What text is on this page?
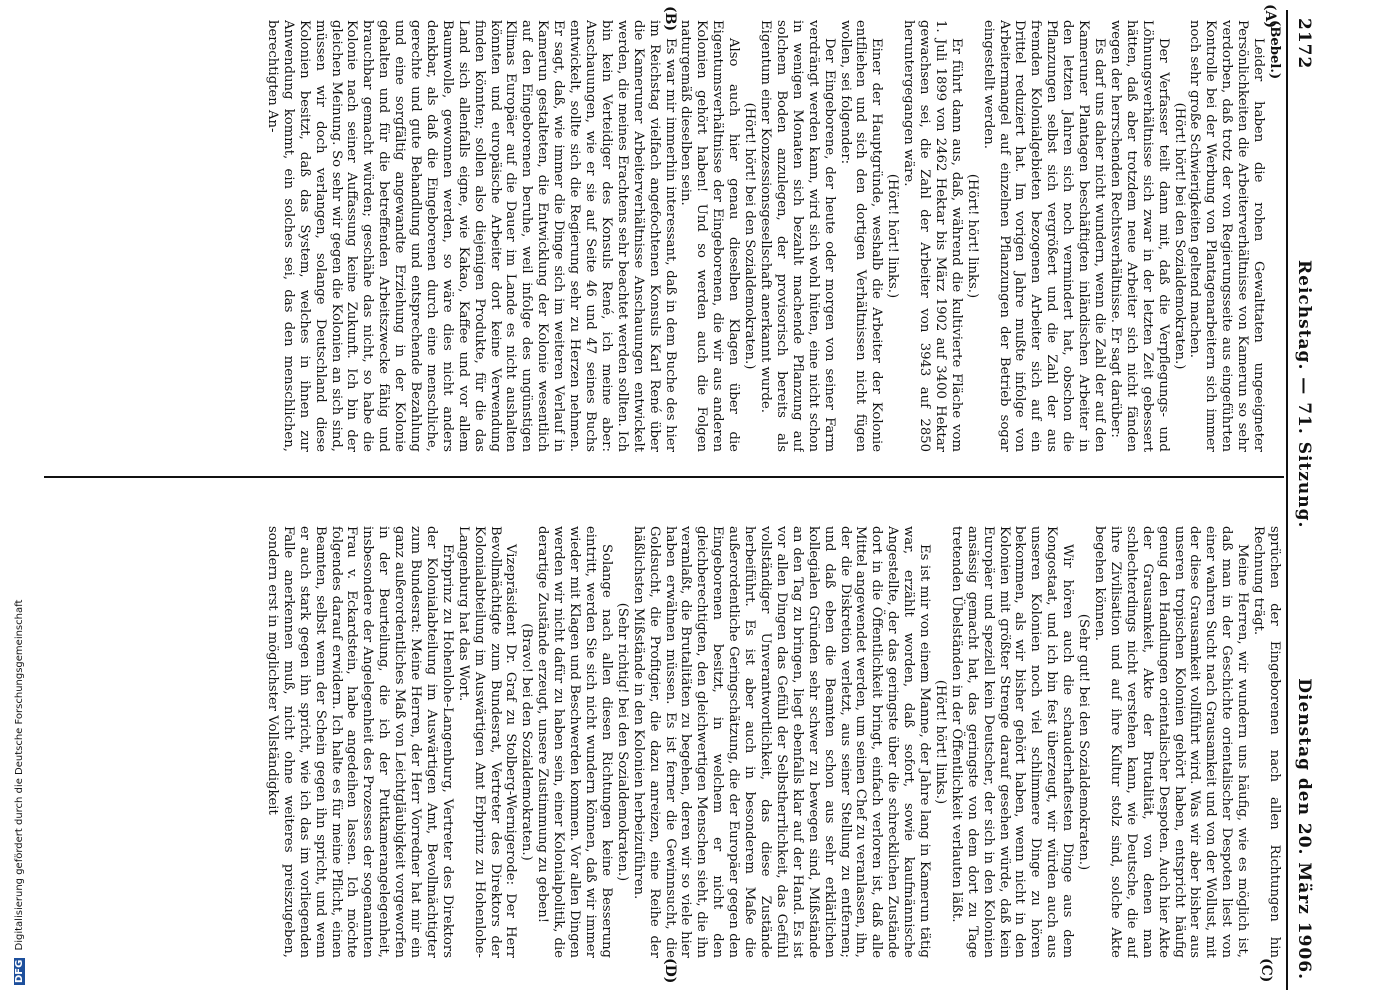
DFG Digitalisierung gefördert durch die Deutsche Forschungsgemeinschaft
2172
Reichstag. — 71. Sitzung.
Dienstag den 20. März 1906.
(A)
(B)
(C)
(D)

(Bebel.)

Leider haben die rohen Gewalttaten ungeeigneter Persönlichkeiten die Arbeiterverhältnisse von Kamerun so sehr verdorben, daß trotz der von Regierungsseite aus eingeführten Kontrolle bei der Werbung von Plantagenarbeitern sich immer noch sehr große Schwierigkeiten geltend machen.

(Hört! hört! bei den Sozialdemokraten.)

Der Verfasser teilt dann mit, daß die Verpflegungs- und Löhnungsverhältnisse sich zwar in der letzten Zeit gebessert hätten, daß aber trotzdem neue Arbeiter sich nicht fänden wegen der herrschenden Rechtsverhältnisse. Er sagt darüber:

Es darf uns daher nicht wundern, wenn die Zahl der auf den Kameruner Plantagen beschäftigten inländischen Arbeiter in den letzten Jahren sich noch vermindert hat, obschon die Pflanzungen selbst sich vergrößert und die Zahl der aus fremden Kolonialgebieten bezogenen Arbeiter sich auf ein Drittel reduziert hat. Im vorigen Jahre mußte infolge von Arbeitermangel auf einzelnen Pflanzungen der Betrieb sogar eingestellt werden.

(Hört! hört! links.)

Er führt dann aus, daß, während die kultivierte Fläche vom 1. Juli 1899 von 2462 Hektar bis März 1902 auf 3400 Hektar gewachsen sei, die Zahl der Arbeiter von 3943 auf 2850 heruntergegangen wäre.

(Hört! hört! links.)

Einer der Hauptgründe, weshalb die Arbeiter der Kolonie entfliehen und sich den dortigen Verhältnissen nicht fügen wollen, sei folgender:

Der Eingeborene, der heute oder morgen von seiner Farm verdrängt werden kann, wird sich wohl hüten, eine nicht schon in wenigen Monaten sich bezahlt machende Pflanzung auf solchem Boden anzulegen, der provisorisch bereits als Eigentum einer Konzessionsgesellschaft anerkannt wurde.

(Hört! hört! bei den Sozialdemokraten.)

Also auch hier genau dieselben Klagen über die Eigentumsverhältnisse der Eingeborenen, die wir aus anderen Kolonien gehört haben! Und so werden auch die Folgen naturgemäß dieselben sein.

Es war mir immerhin interessant, daß in dem Buche des hier im Reichstag vielfach angefochtenen Konsuls Karl René über die Kameruner Arbeiterverhältnisse Anschauungen entwickelt werden, die meines Erachtens sehr beachtet werden sollten. Ich bin kein Verteidiger des Konsuls René, ich meine aber: Anschauungen, wie er sie auf Seite 46 und 47 seines Buchs entwickelt, sollte sich die Regierung sehr zu Herzen nehmen. Er sagt, daß, wie immer die Dinge sich im weiteren Verlauf in Kamerun gestalteten, die Entwicklung der Kolonie wesentlich auf den Eingeborenen beruhe, weil infolge des ungünstigen Klimas Europäer auf die Dauer im Lande es nicht aushalten könnten und europäische Arbeiter dort keine Verwendung finden könnten; sollen also diejenigen Produkte, für die das Land sich allenfalls eigne, wie Kakao, Kaffee und vor allem Baumwolle, gewonnen werden, so wäre dies nicht anders denkbar, als daß die Eingeborenen durch eine menschliche, gerechte und gute Behandlung und entsprechende Bezahlung und eine sorgfältig angewandte Erziehung in der Kolonie gehalten und für die betreffenden Arbeitszwecke fähig und brauchbar gemacht würden; geschähe das nicht, so habe die Kolonie nach seiner Auffassung keine Zukunft. Ich bin der gleichen Meinung. So sehr wir gegen die Kolonien an sich sind, müssen wir doch verlangen, solange Deutschland diese Kolonien besitzt, daß das System, welches in ihnen zur Anwendung kommt, ein solches sei, das den menschlichen, berechtigten An-

sprüchen der Eingeborenen nach allen Richtungen hin Rechnung trägt.

Meine Herren, wir wundern uns häufig, wie es möglich ist, daß man in der Geschichte orientalischer Despoten liest von einer wahren Sucht nach Grausamkeit und von der Wollust, mit der diese Grausamkeit vollführt wird. Was wir aber bisher aus unseren tropischen Kolonien gehört haben, entspricht häufig genug den Handlungen orientalischer Despoten. Auch hier Akte der Grausamkeit, Akte der Brutalität, von denen man schlechterdings nicht verstehen kann, wie Deutsche, die auf ihre Zivilisation und auf ihre Kultur stolz sind, solche Akte begehen können.

(Sehr gut! bei den Sozialdemokraten.)

Wir hören auch die schauderhaftesten Dinge aus dem Kongostaat, und ich bin fest überzeugt, wir würden auch aus unseren Kolonien noch viel schlimmere Dinge zu hören bekommen, als wir bisher gehört haben, wenn nicht in den Kolonien mit größter Strenge darauf gesehen würde, daß kein Europäer und speziell kein Deutscher, der sich in den Kolonien ansässig gemacht hat, das geringste von dem dort zu Tage tretenden Übelständen in der Öffentlichkeit verlauten läßt.

(Hört! hört! links.)

Es ist mir von einem Manne, der Jahre lang in Kamerun tätig war, erzählt worden, daß sofort, sowie kaufmännische Angestellte, der das geringste über die schrecklichen Zustände dort in die Öffentlichkeit bringt, einfach verloren ist, daß alle Mittel angewendet werden, um seinen Chef zu veranlassen, ihn, der die Diskretion verletzt, aus seiner Stellung zu entfernen; und daß eben die Beamten schon aus sehr erklärlichen kollegialen Gründen sehr schwer zu bewegen sind, Mißstände an den Tag zu bringen, liegt ebenfalls klar auf der Hand. Es ist vor allen Dingen das Gefühl der Selbstherrlichkeit, das Gefühl vollständiger Unverantwortlichkeit, das diese Zustände herbeiführt. Es ist aber auch in besonderem Maße die außerordentliche Geringschätzung, die der Europäer gegen den Eingeborenen besitzt, in welchem er nicht den gleichberechtigten, den gleichwertigen Menschen sieht, die ihn veranlaßt, die Brutalitäten zu begehen, deren wir so viele hier haben erwähnen müssen. Es ist ferner die Gewinnsucht, die Goldsucht, die Profitgier, die dazu anreizen, eine Reihe der häßlichsten Mißstände in den Kolonien herbeizuführen.

(Sehr richtig! bei den Sozialdemokraten.)

Solange nach allen diesen Richtungen keine Besserung eintritt, werden Sie sich nicht wundern können, daß wir immer wieder mit Klagen und Beschwerden kommen. Vor allen Dingen werden wir nicht dafür zu haben sein, einer Kolonialpolitik, die derartige Zustände erzeugt, unsere Zustimmung zu geben!

(Bravo! bei den Sozialdemokraten.)

Vizepräsident Dr. Graf zu Stolberg-Wernigerode: Der Herr Bevollmächtigte zum Bundesrat, Vertreter des Direktors der Kolonialabteilung im Auswärtigen Amt Erbprinz zu Hohenlohe-Langenburg hat das Wort.

Erbprinz zu Hohenlohe-Langenburg, Vertreter des Direktors der Kolonialabteilung im Auswärtigen Amt, Bevollmächtigter zum Bundesrat: Meine Herren, der Herr Vorredner hat mir ein ganz außerordentliches Maß von Leichtgläubigkeit vorgeworfen in der Beurteilung, die ich der Puttkamerangelegenheit, insbesondere der Angelegenheit des Prozesses der sogenannten Frau v. Eckardstein, habe angedeihen lassen. Ich möchte folgendes darauf erwidern. Ich halte es für meine Pflicht, einen Beamten, selbst wenn der Schein gegen ihn spricht, und wenn er auch stark gegen ihn spricht, wie ich das im vorliegenden Falle anerkennen muß, nicht ohne weiteres preiszugeben, sondern erst in möglichster Vollständigkeit
